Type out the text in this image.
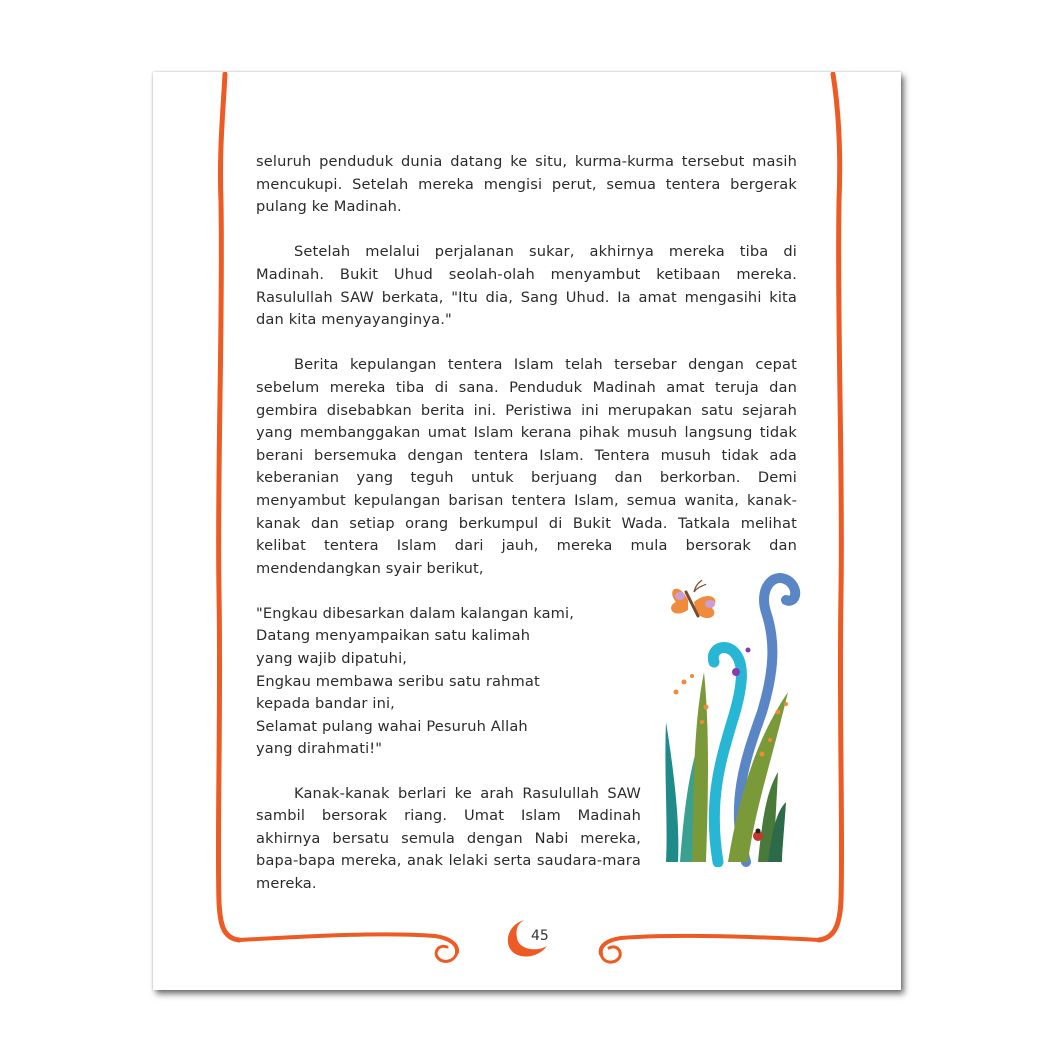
seluruh penduduk dunia datang ke situ, kurma-kurma tersebut masih mencukupi. Setelah mereka mengisi perut, semua tentera bergerak pulang ke Madinah.

Setelah melalui perjalanan sukar, akhirnya mereka tiba di Madinah. Bukit Uhud seolah-olah menyambut ketibaan mereka. Rasulullah SAW berkata, "Itu dia, Sang Uhud. Ia amat mengasihi kita dan kita menyayanginya."

Berita kepulangan tentera Islam telah tersebar dengan cepat sebelum mereka tiba di sana. Penduduk Madinah amat teruja dan gembira disebabkan berita ini. Peristiwa ini merupakan satu sejarah yang membanggakan umat Islam kerana pihak musuh langsung tidak berani bersemuka dengan tentera Islam. Tentera musuh tidak ada keberanian yang teguh untuk berjuang dan berkorban. Demi menyambut kepulangan barisan tentera Islam, semua wanita, kanak-kanak dan setiap orang berkumpul di Bukit Wada. Tatkala melihat kelibat tentera Islam dari jauh, mereka mula bersorak dan mendendangkan syair berikut,

"Engkau dibesarkan dalam kalangan kami,
Datang menyampaikan satu kalimah
yang wajib dipatuhi,
Engkau membawa seribu satu rahmat
kepada bandar ini,
Selamat pulang wahai Pesuruh Allah
yang dirahmati!"

Kanak-kanak berlari ke arah Rasulullah SAW sambil bersorak riang. Umat Islam Madinah akhirnya bersatu semula dengan Nabi mereka, bapa-bapa mereka, anak lelaki serta saudara-mara mereka.

45
